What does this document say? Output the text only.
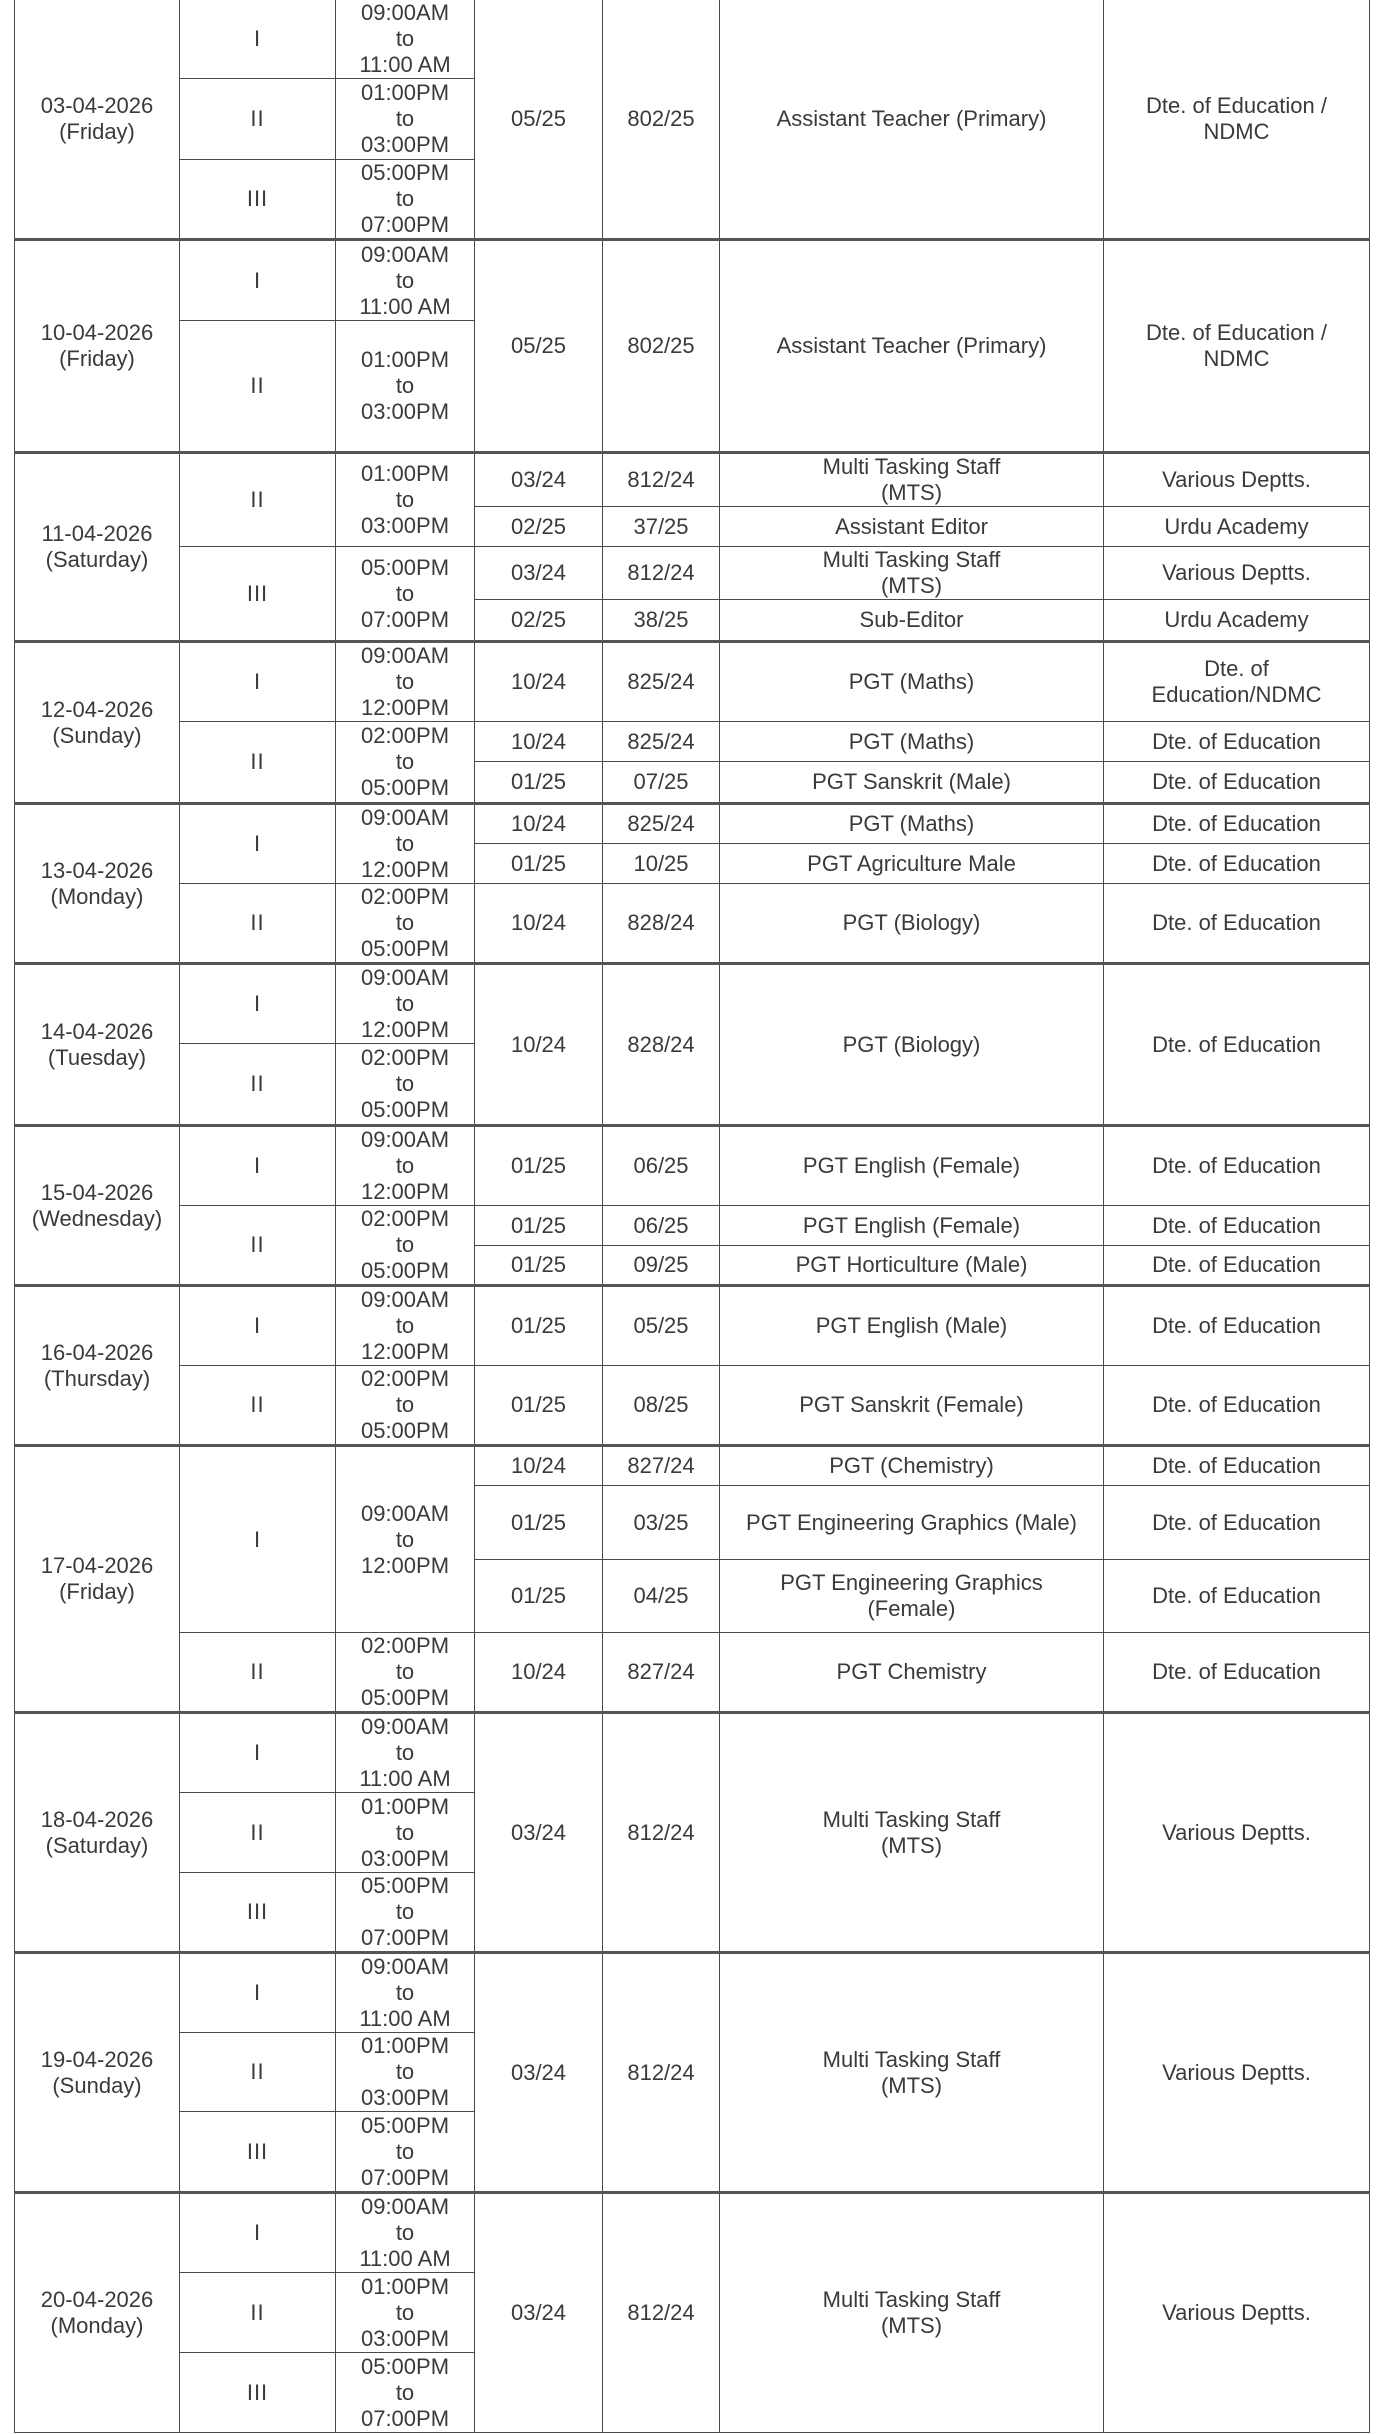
03-04-2026
(Friday)	I	09:00AM
to
11:00 AM	05/25	802/25	Assistant Teacher (Primary)	Dte. of Education /
NDMC
	II	01:00PM
to
03:00PM				
	III	05:00PM
to
07:00PM				
10-04-2026
(Friday)	I	09:00AM
to
11:00 AM	05/25	802/25	Assistant Teacher (Primary)	Dte. of Education /
NDMC
	II	01:00PM
to
03:00PM				
11-04-2026
(Saturday)	II	01:00PM
to
03:00PM	03/24	812/24	Multi Tasking Staff
(MTS)	Various Deptts.
			02/25	37/25	Assistant Editor	Urdu Academy
	III	05:00PM
to
07:00PM	03/24	812/24	Multi Tasking Staff
(MTS)	Various Deptts.
			02/25	38/25	Sub-Editor	Urdu Academy
12-04-2026
(Sunday)	I	09:00AM
to
12:00PM	10/24	825/24	PGT (Maths)	Dte. of
Education/NDMC
	II	02:00PM
to
05:00PM	10/24	825/24	PGT (Maths)	Dte. of Education
			01/25	07/25	PGT Sanskrit (Male)	Dte. of Education
13-04-2026
(Monday)	I	09:00AM
to
12:00PM	10/24	825/24	PGT (Maths)	Dte. of Education
			01/25	10/25	PGT Agriculture Male	Dte. of Education
	II	02:00PM
to
05:00PM	10/24	828/24	PGT (Biology)	Dte. of Education
14-04-2026
(Tuesday)	I	09:00AM
to
12:00PM	10/24	828/24	PGT (Biology)	Dte. of Education
	II	02:00PM
to
05:00PM				
15-04-2026
(Wednesday)	I	09:00AM
to
12:00PM	01/25	06/25	PGT English (Female)	Dte. of Education
	II	02:00PM
to
05:00PM	01/25	06/25	PGT English (Female)	Dte. of Education
			01/25	09/25	PGT Horticulture (Male)	Dte. of Education
16-04-2026
(Thursday)	I	09:00AM
to
12:00PM	01/25	05/25	PGT English (Male)	Dte. of Education
	II	02:00PM
to
05:00PM	01/25	08/25	PGT Sanskrit (Female)	Dte. of Education
17-04-2026
(Friday)	I	09:00AM
to
12:00PM	10/24	827/24	PGT (Chemistry)	Dte. of Education
			01/25	03/25	PGT Engineering Graphics (Male)	Dte. of Education
			01/25	04/25	PGT Engineering Graphics
(Female)	Dte. of Education
	II	02:00PM
to
05:00PM	10/24	827/24	PGT Chemistry	Dte. of Education
18-04-2026
(Saturday)	I	09:00AM
to
11:00 AM	03/24	812/24	Multi Tasking Staff
(MTS)	Various Deptts.
	II	01:00PM
to
03:00PM				
	III	05:00PM
to
07:00PM				
19-04-2026
(Sunday)	I	09:00AM
to
11:00 AM	03/24	812/24	Multi Tasking Staff
(MTS)	Various Deptts.
	II	01:00PM
to
03:00PM				
	III	05:00PM
to
07:00PM				
20-04-2026
(Monday)	I	09:00AM
to
11:00 AM	03/24	812/24	Multi Tasking Staff
(MTS)	Various Deptts.
	II	01:00PM
to
03:00PM				
	III	05:00PM
to
07:00PM				
